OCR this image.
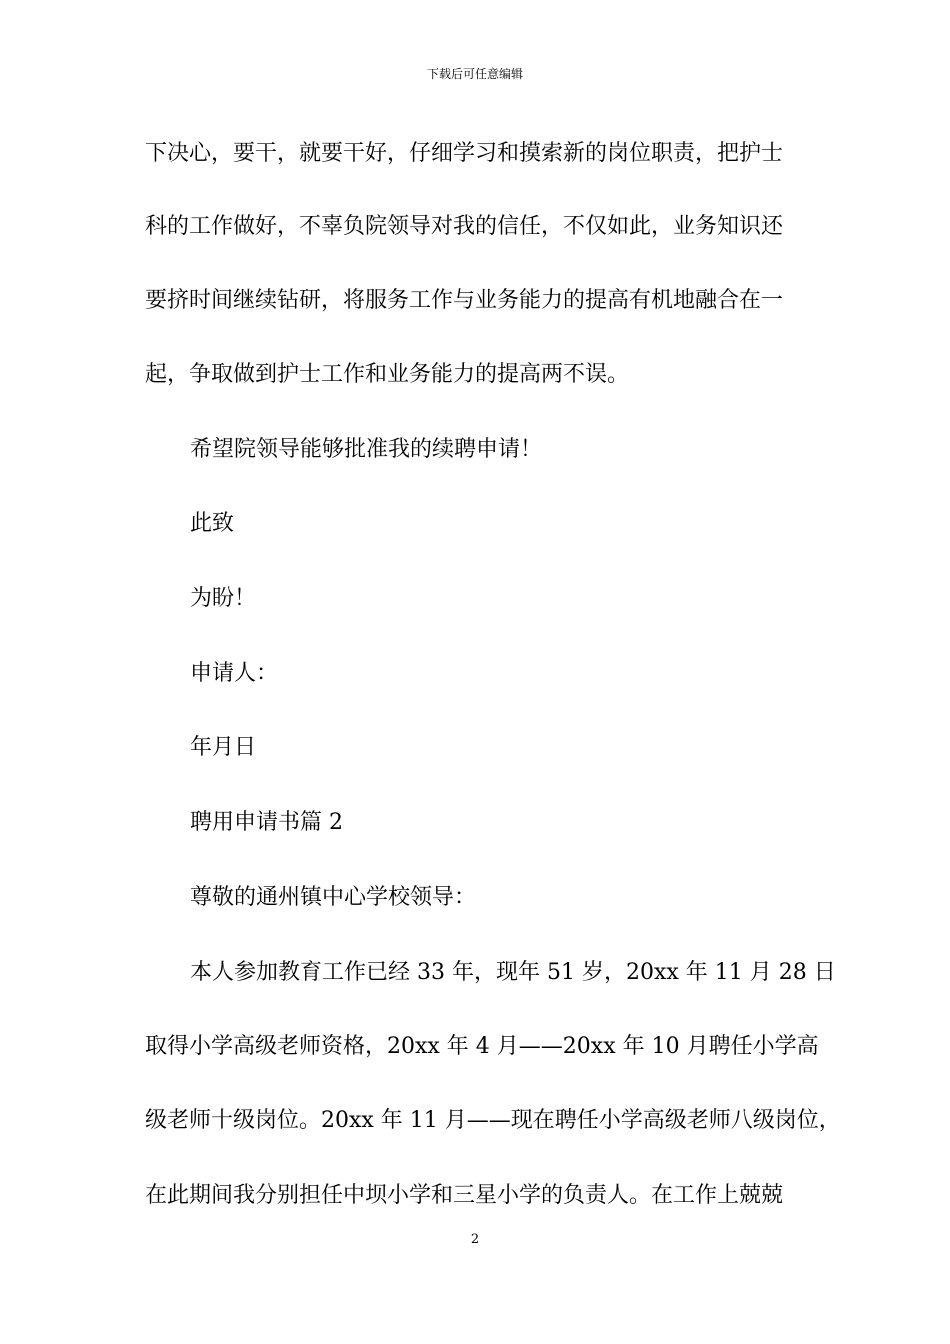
下载后可任意编辑
下决心，要干，就要干好，仔细学习和摸索新的岗位职责，把护士
科的工作做好，不辜负院领导对我的信任，不仅如此，业务知识还
要挤时间继续钻研，将服务工作与业务能力的提高有机地融合在一
起，争取做到护士工作和业务能力的提高两不误。
希望院领导能够批准我的续聘申请！
此致
为盼！
申请人：
年月日
聘用申请书篇 2
尊敬的通州镇中心学校领导：
本人参加教育工作已经 33 年，现年 51 岁，20xx 年 11 月 28 日
取得小学高级老师资格，20xx 年 4 月——20xx 年 10 月聘任小学高
级老师十级岗位。20xx 年 11 月——现在聘任小学高级老师八级岗位，
在此期间我分别担任中坝小学和三星小学的负责人。在工作上兢兢
2
